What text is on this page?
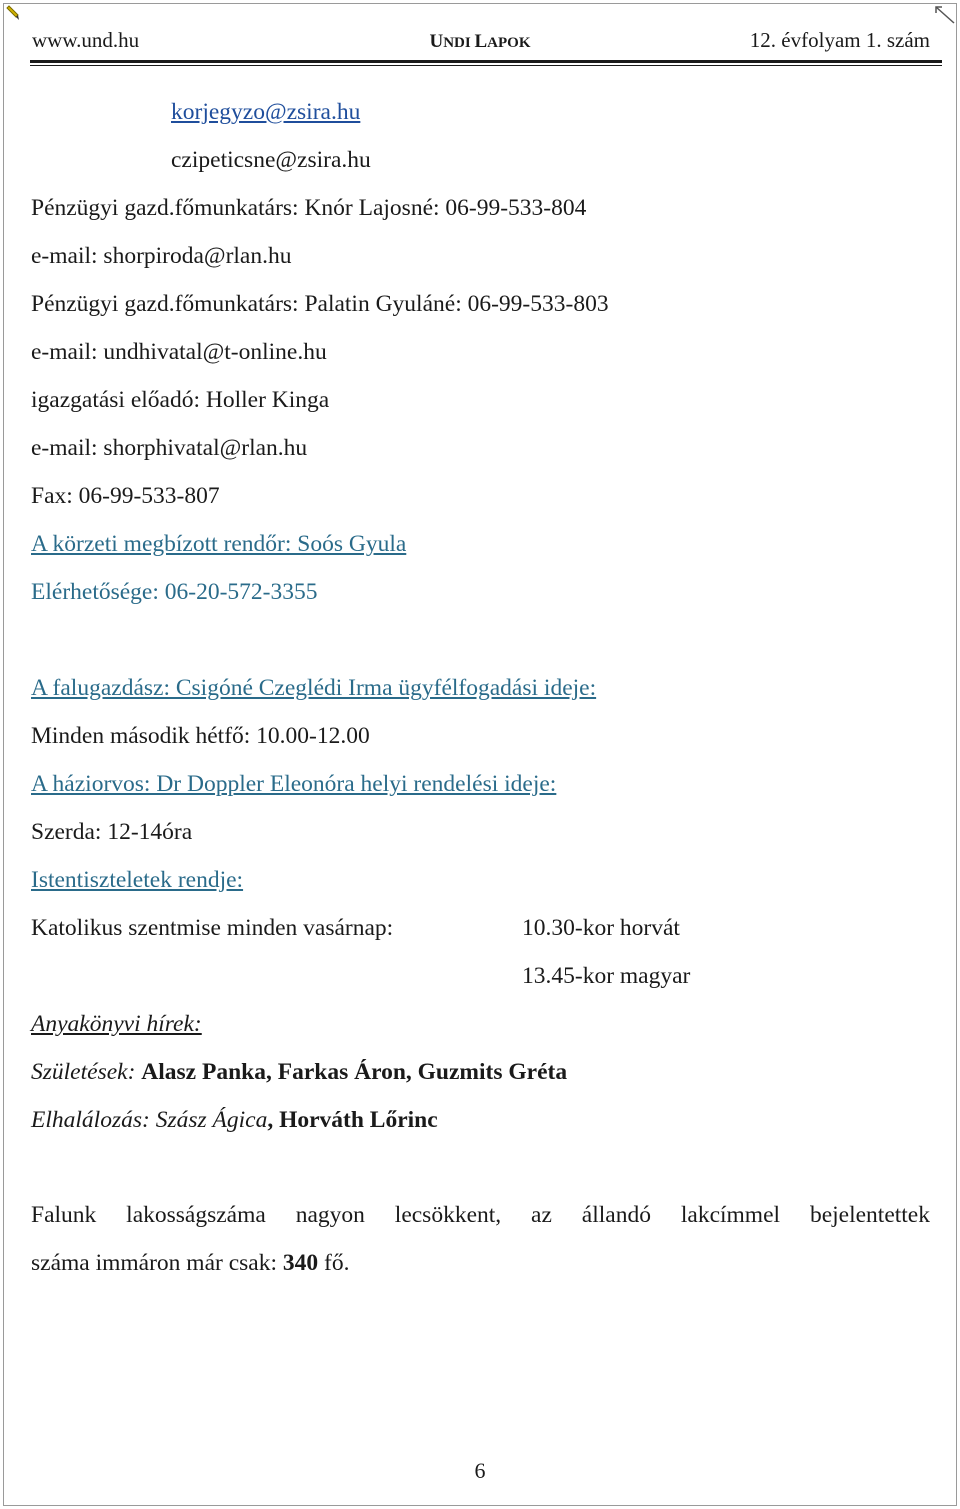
www.und.hu	UNDI LAPOK	12. évfolyam 1. szám
korjegyzo@zsira.hu
czipeticsne@zsira.hu
Pénzügyi gazd.főmunkatárs: Knór Lajosné: 06-99-533-804
e-mail: shorpiroda@rlan.hu
Pénzügyi gazd.főmunkatárs: Palatin Gyuláné: 06-99-533-803
e-mail: undhivatal@t-online.hu
igazgatási előadó: Holler Kinga
e-mail: shorphivatal@rlan.hu
Fax: 06-99-533-807
A körzeti megbízott rendőr: Soós Gyula
Elérhetősége: 06-20-572-3355
A falugazdász: Csigóné Czeglédi Irma ügyfélfogadási ideje:
Minden második hétfő: 10.00-12.00
A háziorvos: Dr Doppler Eleonóra helyi rendelési ideje:
Szerda: 12-14óra
Istentiszteletek rendje:
Katolikus szentmise minden vasárnap:	10.30-kor horvát
13.45-kor magyar
Anyakönyvi hírek:
Születések: Alasz Panka, Farkas Áron, Guzmits Gréta
Elhalálozás: Szász Ágica, Horváth Lőrinc
Falunk lakosságszáma nagyon lecsökkent, az állandó lakcímmel bejelentettek
száma immáron már csak: 340 fő.
6
